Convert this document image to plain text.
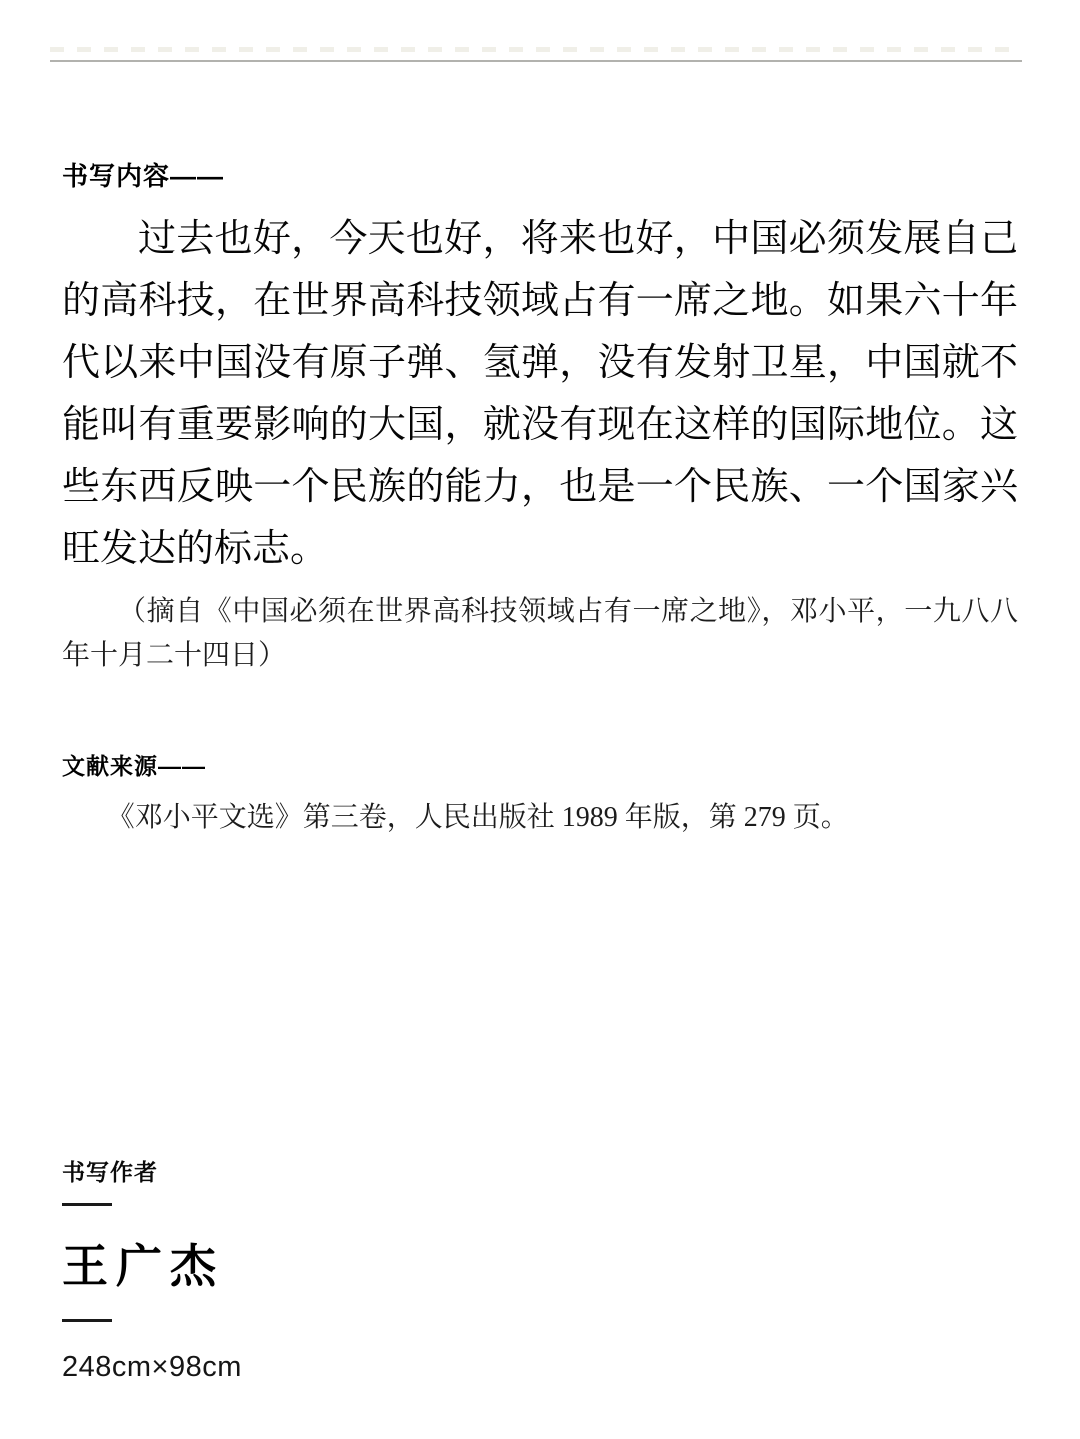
书写内容——

过去也好，今天也好，将来也好，中国必须发展自己的高科技，在世界高科技领域占有一席之地。如果六十年代以来中国没有原子弹、氢弹，没有发射卫星，中国就不能叫有重要影响的大国，就没有现在这样的国际地位。这些东西反映一个民族的能力，也是一个民族、一个国家兴旺发达的标志。

（摘自《中国必须在世界高科技领域占有一席之地》，邓小平，一九八八年十月二十四日）

文献来源——

《邓小平文选》第三卷，人民出版社 1989 年版，第 279 页。

书写作者
王广杰
248cm×98cm
